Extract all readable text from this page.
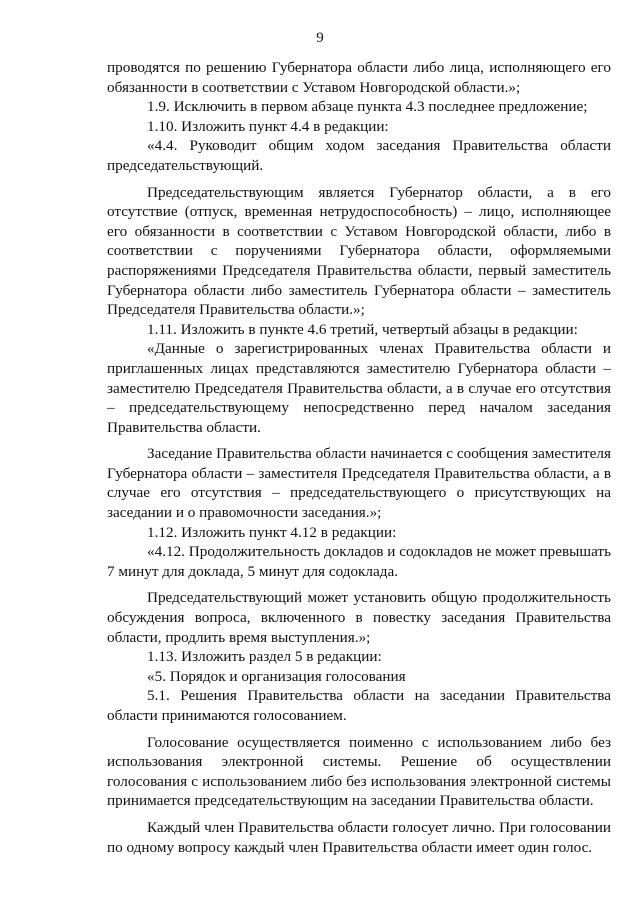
9

проводятся по решению Губернатора области либо лица, исполняющего его обязанности в соответствии с Уставом Новгородской области.»;

1.9. Исключить в первом абзаце пункта 4.3 последнее предложение;

1.10. Изложить пункт 4.4 в редакции:

«4.4. Руководит общим ходом заседания Правительства области председательствующий.

Председательствующим является Губернатор области, а в его отсутствие (отпуск, временная нетрудоспособность) – лицо, исполняющее его обязанности в соответствии с Уставом Новгородской области, либо в соответствии с поручениями Губернатора области, оформляемыми распоряжениями Председателя Правительства области, первый заместитель Губернатора области либо заместитель Губернатора области – заместитель Председателя Правительства области.»;

1.11. Изложить в пункте 4.6 третий, четвертый абзацы в редакции:

«Данные о зарегистрированных членах Правительства области и приглашенных лицах представляются заместителю Губернатора области – заместителю Председателя Правительства области, а в случае его отсутствия – председательствующему непосредственно перед началом заседания Правительства области.

Заседание Правительства области начинается с сообщения заместителя Губернатора области – заместителя Председателя Правительства области, а в случае его отсутствия – председательствующего о присутствующих на заседании и о правомочности заседания.»;

1.12. Изложить пункт 4.12 в редакции:

«4.12. Продолжительность докладов и содокладов не может превышать 7 минут для доклада, 5 минут для содоклада.

Председательствующий может установить общую продолжительность обсуждения вопроса, включенного в повестку заседания Правительства области, продлить время выступления.»;

1.13. Изложить раздел 5 в редакции:

«5. Порядок и организация голосования

5.1. Решения Правительства области на заседании Правительства области принимаются голосованием.

Голосование осуществляется поименно с использованием либо без использования электронной системы. Решение об осуществлении голосования с использованием либо без использования электронной системы принимается председательствующим на заседании Правительства области.

Каждый член Правительства области голосует лично. При голосовании по одному вопросу каждый член Правительства области имеет один голос.
